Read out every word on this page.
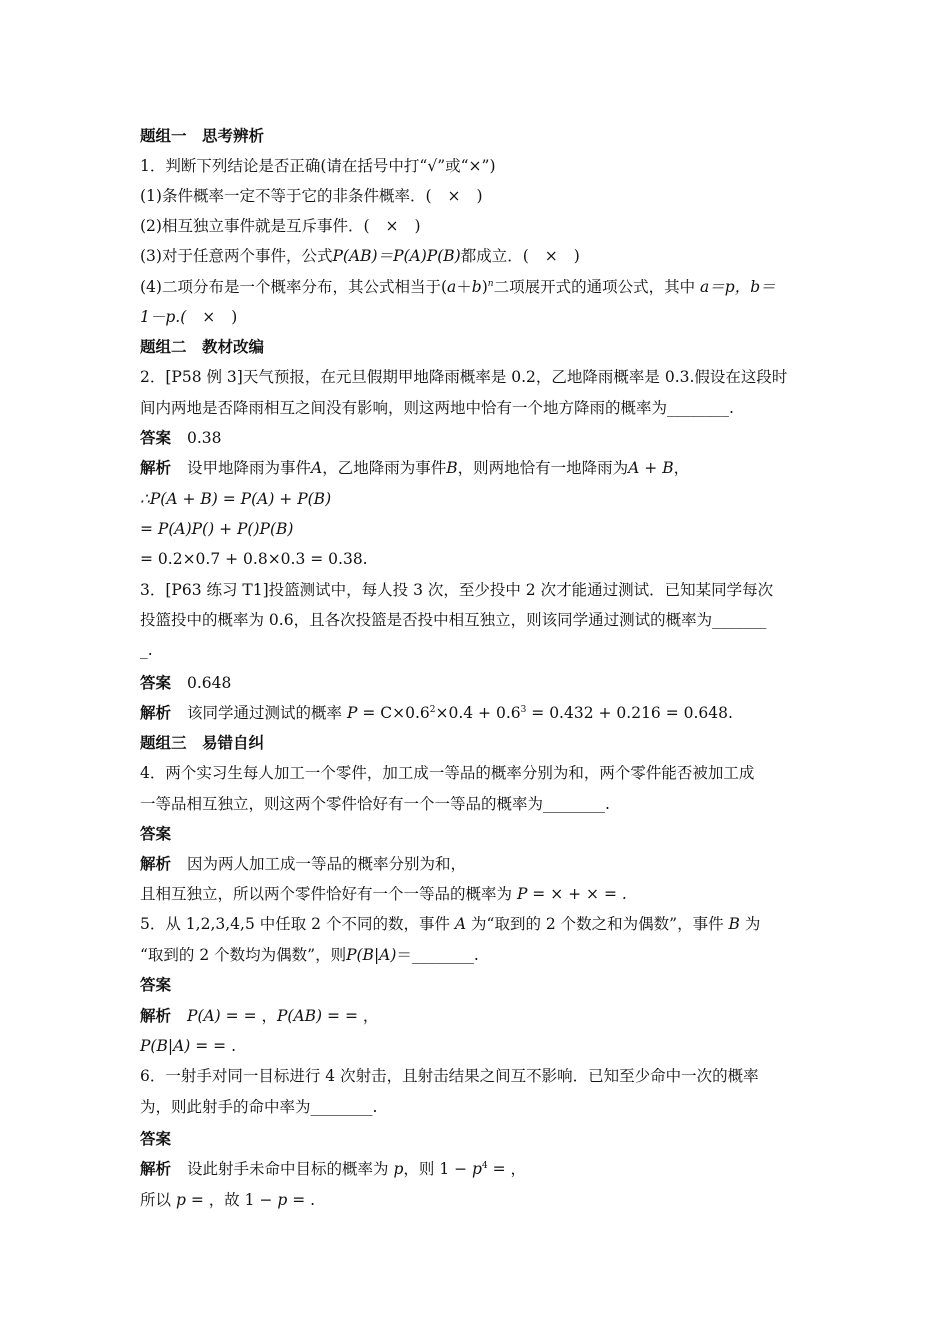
题组一　思考辨析
1．判断下列结论是否正确(请在括号中打“√”或“×”)
(1)条件概率一定不等于它的非条件概率．( × )
(2)相互独立事件就是互斥事件．( × )
(3)对于任意两个事件，公式P(AB)＝P(A)P(B)都成立．( × )
(4)二项分布是一个概率分布，其公式相当于$(a+b)^n$二项展开式的通项公式，其中 a＝p，b＝
1－p.( × )
题组二　教材改编
2．[P58 例 3]天气预报，在元旦假期甲地降雨概率是 0.2，乙地降雨概率是 0.3.假设在这段时
间内两地是否降雨相互之间没有影响，则这两地中恰有一个地方降雨的概率为________.
答案 0.38
解析 设甲地降雨为事件A，乙地降雨为事件B，则两地恰有一地降雨为A + B，
∴P(A + B) = P(A) + P(B)
= P(A)P() + P()P(B)
= 0.2×0.7 + 0.8×0.3 = 0.38.
3．[P63 练习 T1]投篮测试中，每人投 3 次，至少投中 2 次才能通过测试．已知某同学每次
投篮投中的概率为 0.6，且各次投篮是否投中相互独立，则该同学通过测试的概率为_______
_.
答案 0.648
解析 该同学通过测试的概率 $P = C\times 0.6^2\times 0.4 + 0.6^3 = 0.432 + 0.216 = 0.648$.
题组三　易错自纠
4．两个实习生每人加工一个零件，加工成一等品的概率分别为和，两个零件能否被加工成
一等品相互独立，则这两个零件恰好有一个一等品的概率为________.
答案
解析 因为两人加工成一等品的概率分别为和，
且相互独立，所以两个零件恰好有一个一等品的概率为 P = × + × = .
5．从 1,2,3,4,5 中任取 2 个不同的数，事件 A 为“取到的 2 个数之和为偶数”，事件 B 为
“取到的 2 个数均为偶数”，则P(B|A)＝________.
答案
解析 P(A) = = ，P(AB) = = ，
P(B|A) = = .
6．一射手对同一目标进行 4 次射击，且射击结果之间互不影响．已知至少命中一次的概率
为，则此射手的命中率为________.
答案
解析 设此射手未命中目标的概率为 p，则 $1 - p^4$ = ，
所以 p = ，故 1 − p = .
